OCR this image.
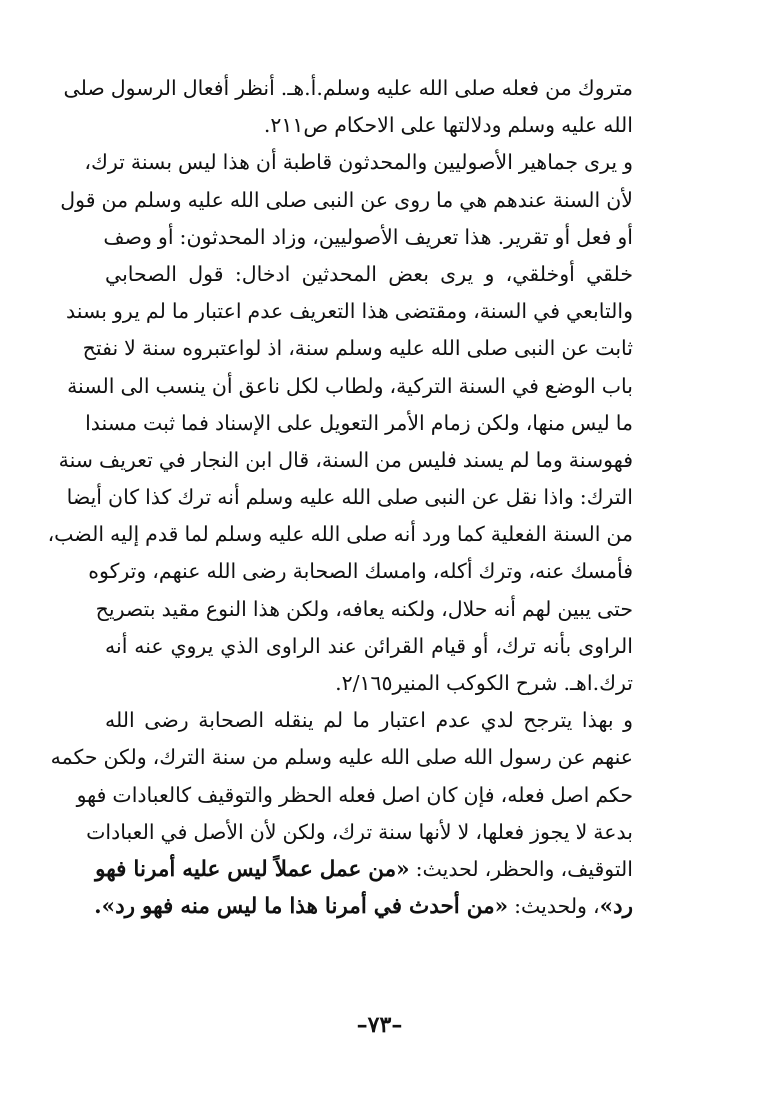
متروك من فعله صلى الله عليه وسلم.أ.هـ. أنظر أفعال الرسول صلى
الله عليه وسلم ودلالتها على الاحكام ص٢١١.
و يرى جماهير الأصوليين والمحدثون قاطبة أن هذا ليس بسنة ترك،
لأن السنة عندهم هي ما روى عن النبى صلى الله عليه وسلم من قول
أو فعل أو تقرير. هذا تعريف الأصوليين، وزاد المحدثون: أو وصف
خلقي أوخلقي، و يرى بعض المحدثين ادخال: قول الصحابي
والتابعي في السنة، ومقتضى هذا التعريف عدم اعتبار ما لم يرو بسند
ثابت عن النبى صلى الله عليه وسلم سنة، اذ لواعتبروه سنة لا نفتح
باب الوضع في السنة التركية، ولطاب لكل ناعق أن ينسب الى السنة
ما ليس منها، ولكن زمام الأمر التعويل على الإسناد فما ثبت مسندا
فهوسنة وما لم يسند فليس من السنة، قال ابن النجار في تعريف سنة
الترك: واذا نقل عن النبى صلى الله عليه وسلم أنه ترك كذا كان أيضا
من السنة الفعلية كما ورد أنه صلى الله عليه وسلم لما قدم إليه الضب،
فأمسك عنه، وترك أكله، وامسك الصحابة رضى الله عنهم، وتركوه
حتى يبين لهم أنه حلال، ولكنه يعافه، ولكن هذا النوع مقيد بتصريح
الراوى بأنه ترك، أو قيام القرائن عند الراوى الذي يروي عنه أنه
ترك.اهـ. شرح الكوكب المنير٢/١٦٥.
و بهذا يترجح لدي عدم اعتبار ما لم ينقله الصحابة رضى الله
عنهم عن رسول الله صلى الله عليه وسلم من سنة الترك، ولكن حكمه
حكم اصل فعله، فإن كان اصل فعله الحظر والتوقيف كالعبادات فهو
بدعة لا يجوز فعلها، لا لأنها سنة ترك، ولكن لأن الأصل في العبادات
التوقيف، والحظر، لحديث: «من عمل عملاً ليس عليه أمرنا فهو
رد»، ولحديث: «من أحدث في أمرنا هذا ما ليس منه فهو رد».
–٧٣–
